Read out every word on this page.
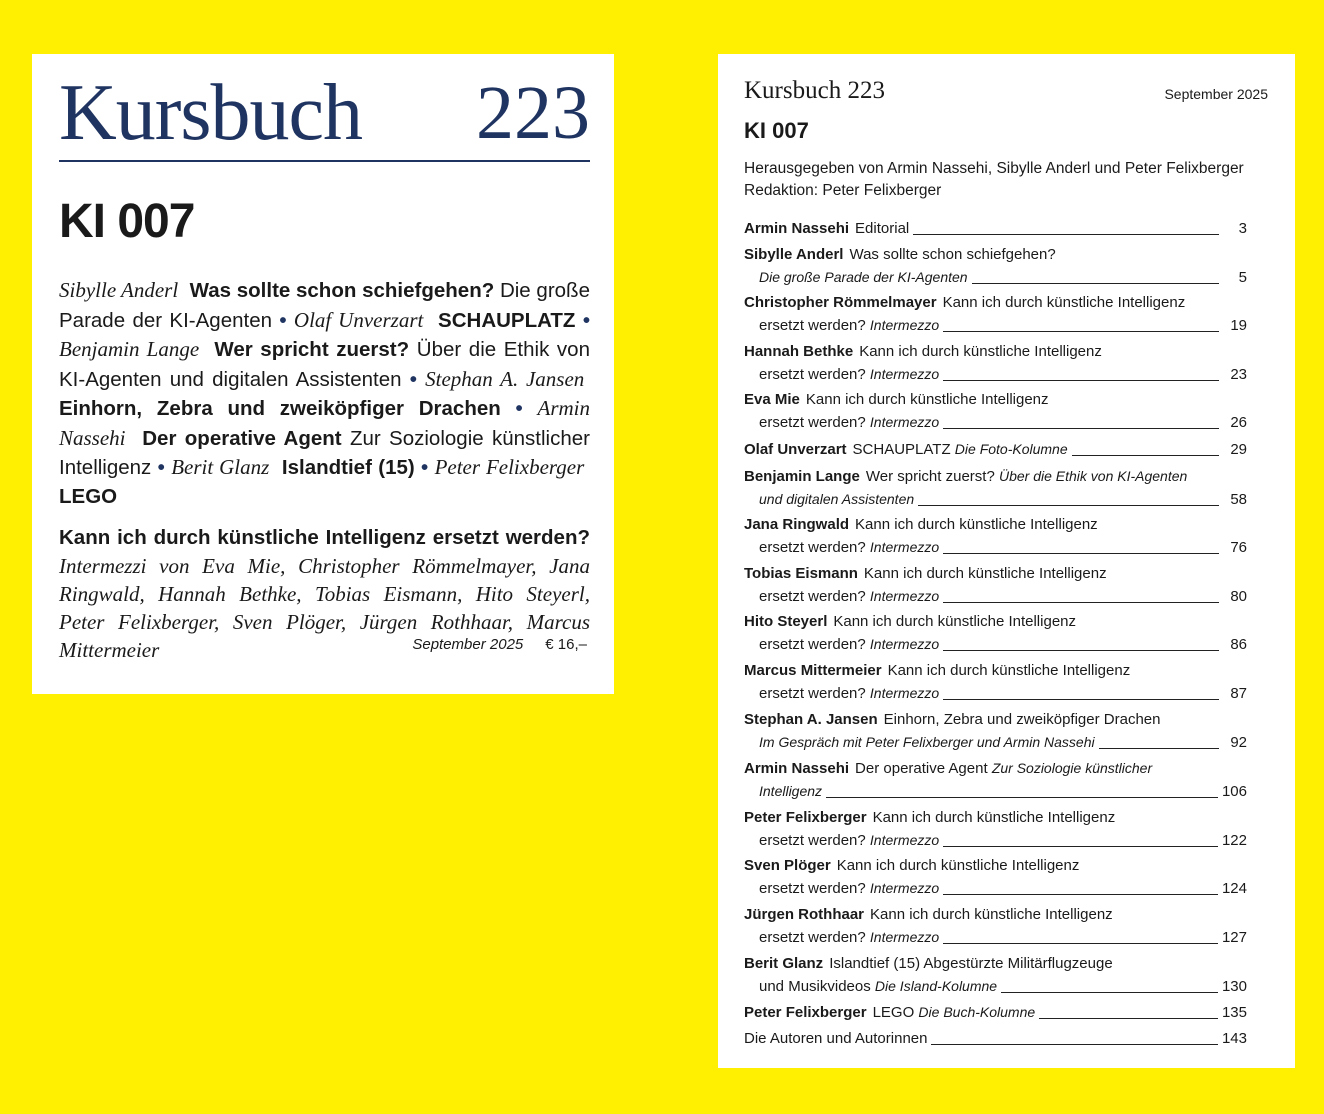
Kursbuch 223
KI 007
Sibylle Anderl Was sollte schon schiefgehen? Die große Parade der KI-Agenten • Olaf Unverzart SCHAUPLATZ • Benjamin Lange Wer spricht zuerst? Über die Ethik von KI-Agenten und digitalen Assistenten • Stephan A. Jansen  Einhorn, Zebra und zweiköpfiger Drachen • Armin Nassehi Der operative Agent Zur Soziologie künstlicher Intelligenz • Berit Glanz Islandtief (15) • Peter Felixberger  LEGO
Kann ich durch künstliche Intelligenz ersetzt werden? Intermezzi von Eva Mie, Christopher Römmelmayer, Jana Ringwald, Hannah Bethke, Tobias Eismann, Hito Steyerl, Peter Felixberger, Sven Plöger, Jürgen Rothhaar, Marcus Mittermeier	September 2025 € 16,–
Kursbuch 223	September 2025
KI 007
Herausgegeben von Armin Nassehi, Sibylle Anderl und Peter Felixberger
Redaktion: Peter Felixberger
Armin Nassehi Editorial	3
Sibylle Anderl Was sollte schon schiefgehen?
Die große Parade der KI-Agenten	5
Christopher Römmelmayer Kann ich durch künstliche Intelligenz
ersetzt werden? Intermezzo	19
Hannah Bethke Kann ich durch künstliche Intelligenz
ersetzt werden? Intermezzo	23
Eva Mie Kann ich durch künstliche Intelligenz
ersetzt werden? Intermezzo	26
Olaf Unverzart SCHAUPLATZ Die Foto-Kolumne	29
Benjamin Lange Wer spricht zuerst? Über die Ethik von KI-Agenten
und digitalen Assistenten	58
Jana Ringwald Kann ich durch künstliche Intelligenz
ersetzt werden? Intermezzo	76
Tobias Eismann Kann ich durch künstliche Intelligenz
ersetzt werden? Intermezzo	80
Hito Steyerl Kann ich durch künstliche Intelligenz
ersetzt werden? Intermezzo	86
Marcus Mittermeier Kann ich durch künstliche Intelligenz
ersetzt werden? Intermezzo	87
Stephan A. Jansen Einhorn, Zebra und zweiköpfiger Drachen
Im Gespräch mit Peter Felixberger und Armin Nassehi	92
Armin Nassehi Der operative Agent Zur Soziologie künstlicher
Intelligenz	106
Peter Felixberger Kann ich durch künstliche Intelligenz
ersetzt werden? Intermezzo	122
Sven Plöger Kann ich durch künstliche Intelligenz
ersetzt werden? Intermezzo	124
Jürgen Rothhaar Kann ich durch künstliche Intelligenz
ersetzt werden? Intermezzo	127
Berit Glanz Islandtief (15) Abgestürzte Militärflugzeuge
und Musikvideos Die Island-Kolumne	130
Peter Felixberger LEGO Die Buch-Kolumne	135
Die Autoren und Autorinnen	143
